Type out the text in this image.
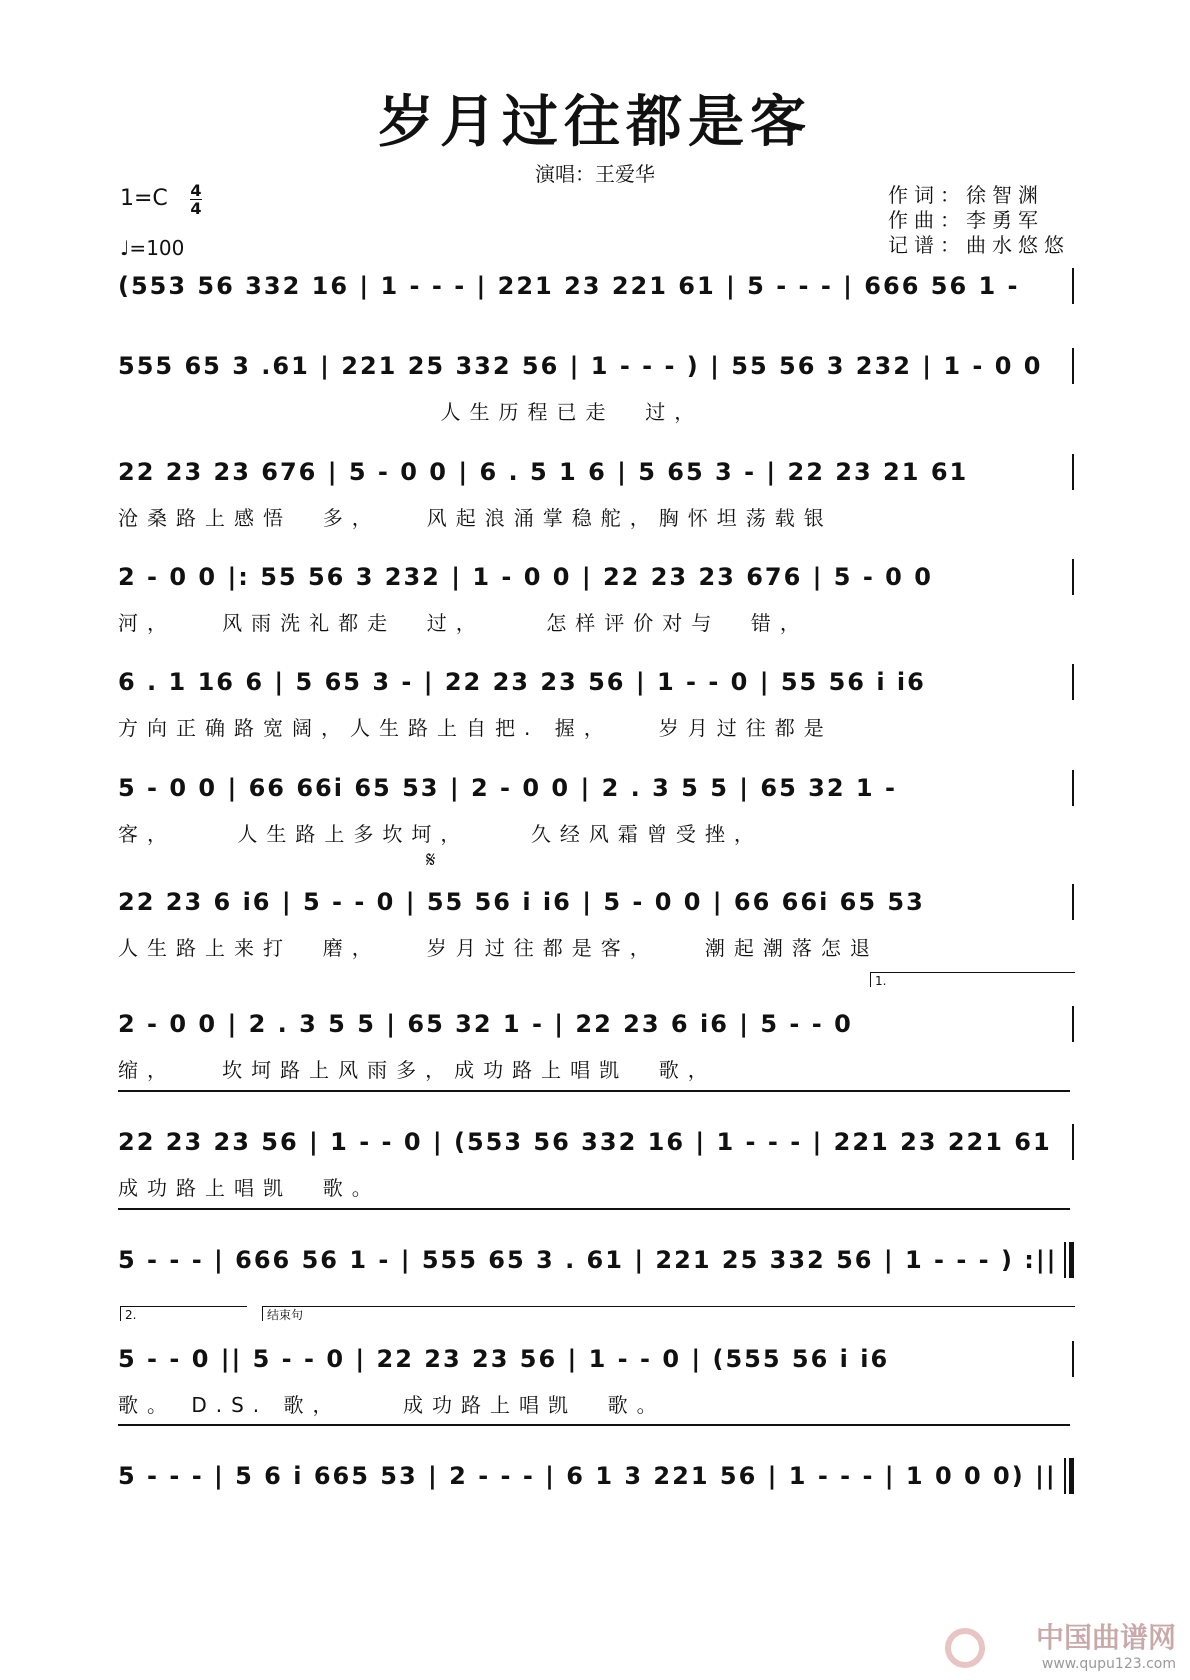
岁月过往都是客
演唱：王爱华
1=C 4
4
♩=100
作词：徐智渊
作曲：李勇军
记谱：曲水悠悠
(553 56 332 16 | 1 - - - | 221 23 221 61 | 5 - - - | 666 56 1 -
555 65 3 .61 | 221 25 332 56 | 1 - - - ) | 55 56 3 232 | 1 - 0 0
人生历程已走  过，
22 23 23 676 | 5 - 0 0 | 6 . 5 1 6 | 5 65 3 - | 22 23 21 61
沧桑路上感悟  多，   风起浪涌掌稳舵，胸怀坦荡载银
2 - 0 0 |: 55 56 3 232 | 1 - 0 0 | 22 23 23 676 | 5 - 0 0
河，   风雨洗礼都走  过，    怎样评价对与  错，
6 . 1 16 6 | 5 65 3 - | 22 23 23 56 | 1 - - 0 | 55 56 i i6
方向正确路宽阔，人生路上自把. 握，   岁月过往都是
5 - 0 0 | 66 66i 65 53 | 2 - 0 0 | 2 . 3 5 5 | 65 32 1 -
客，    人生路上多坎坷，    久经风霜曾受挫，
22 23 6 i6 | 5 - - 0 | 55 56 i i6 | 5 - 0 0 | 66 66i 65 53
人生路上来打  磨，   岁月过往都是客，   潮起潮落怎退
2 - 0 0 | 2 . 3 5 5 | 65 32 1 - | 22 23 6 i6 | 5 - - 0
缩，   坎坷路上风雨多，成功路上唱凯  歌，
22 23 23 56 | 1 - - 0 | (553 56 332 16 | 1 - - - | 221 23 221 61
成功路上唱凯  歌。
5 - - - | 666 56 1 - | 555 65 3 . 61 | 221 25 332 56 | 1 - - - ) :||
5 - - 0 || 5 - - 0 | 22 23 23 56 | 1 - - 0 | (555 56 i i6
歌。 D.S. 歌，    成功路上唱凯  歌。
5 - - - | 5 6 i 665 53 | 2 - - - | 6 1 3 221 56 | 1 - - - | 1 0 0 0) ||
1.
2.	结束句
𝄋
中国曲谱网
www.qupu123.com
